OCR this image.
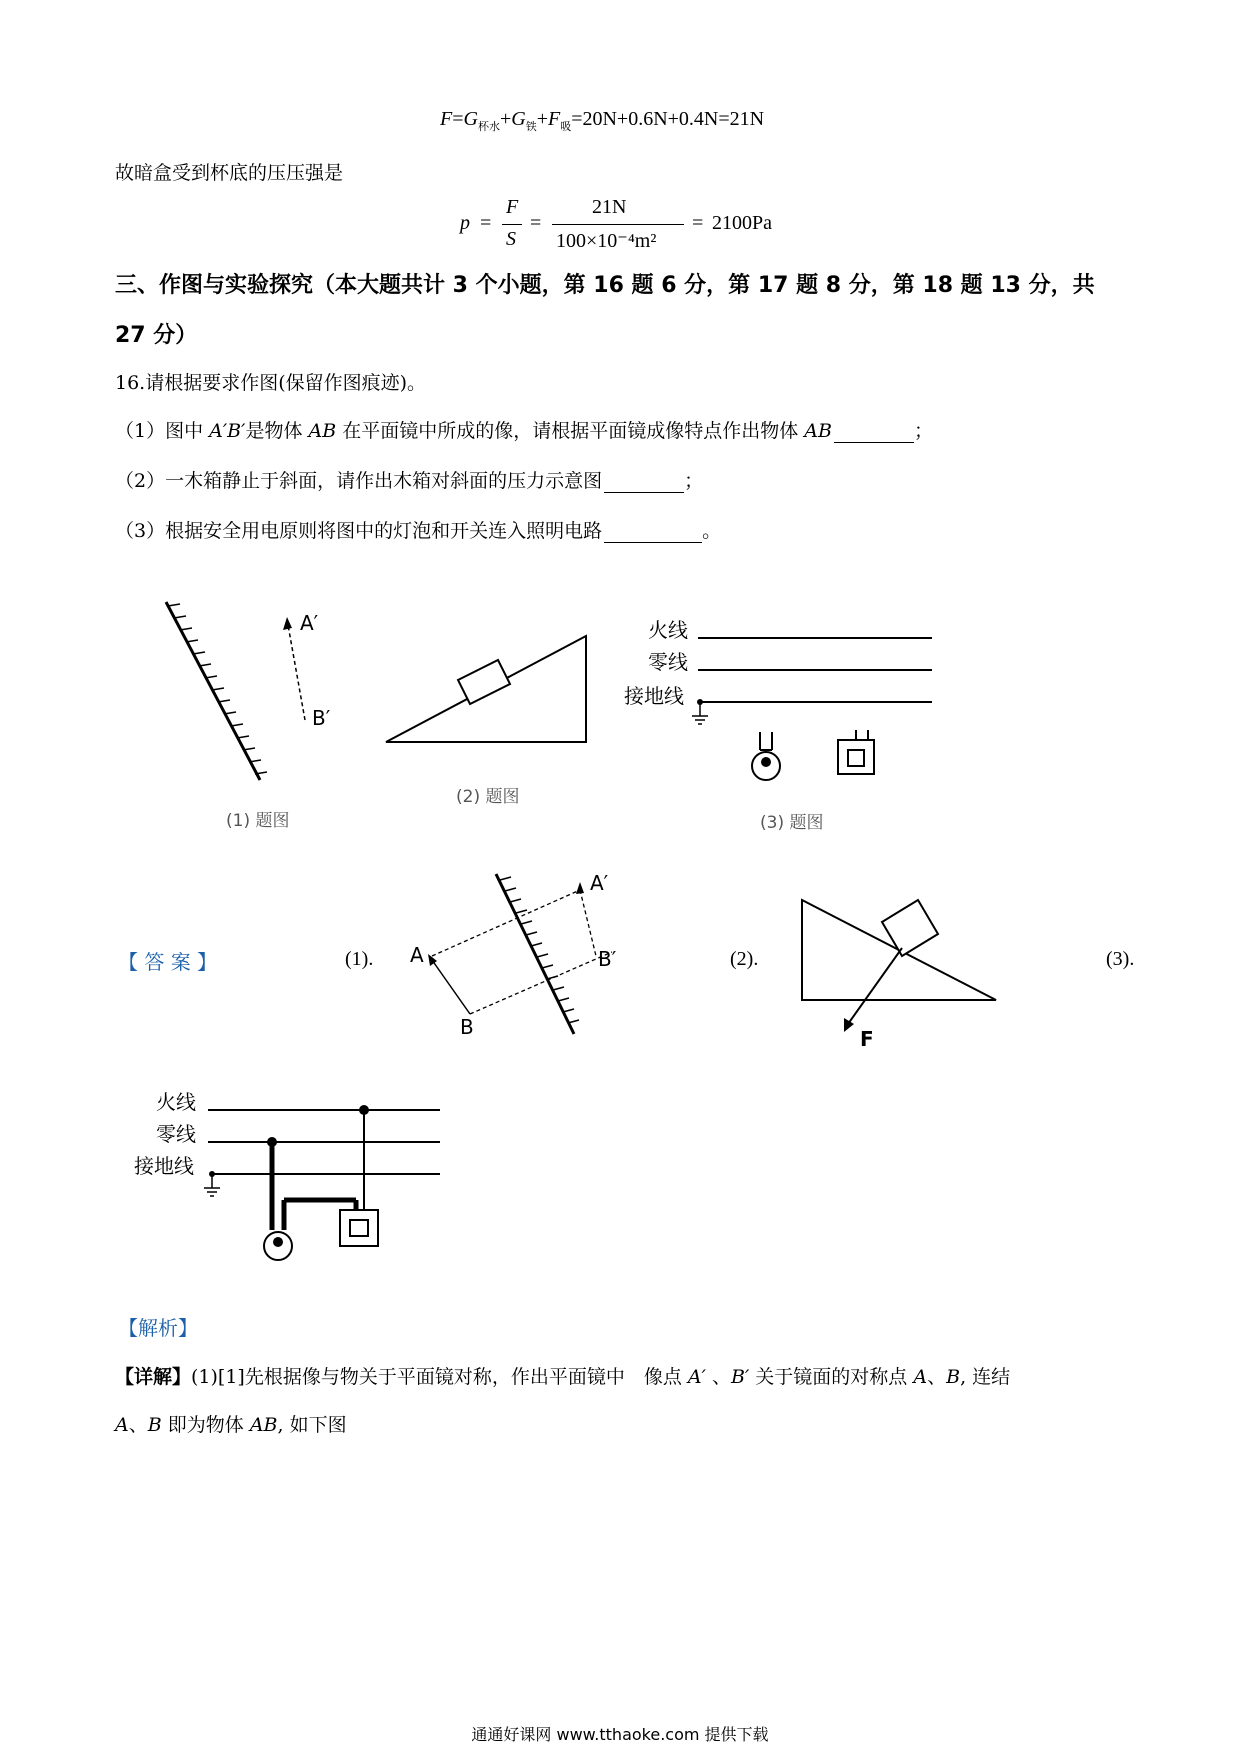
$F=G_{杯水}+G_铁+F_吸=20N+0.6N+0.4N=21N$
故暗盒受到杯底的压压强是
p =
F
S
=
21N
100×10⁻⁴m²
= 2100Pa
三、作图与实验探究（本大题共计 3 个小题，第 16 题 6 分，第 17 题 8 分，第 18 题 13 分，共
27 分）
16.请根据要求作图(保留作图痕迹)。
（1）图中 A′B′是物体 AB 在平面镜中所成的像，请根据平面镜成像特点作出物体 AB	；
（2）一木箱静止于斜面，请作出木箱对斜面的压力示意图	；
（3）根据安全用电原则将图中的灯泡和开关连入照明电路	。
A′
B′
(1) 题图
(2) 题图
火线
零线
接地线
(3) 题图
【 答 案 】	(1).	(2).	(3).
A′
B′
A
B	F
火线
零线
接地线
【解析】
【详解】(1)[1]先根据像与物关于平面镜对称，作出平面镜中　像点 A′ 、B′ 关于镜面的对称点 A、B, 连结
A、B 即为物体 AB, 如下图
通通好课网 www.tthaoke.com 提供下载
